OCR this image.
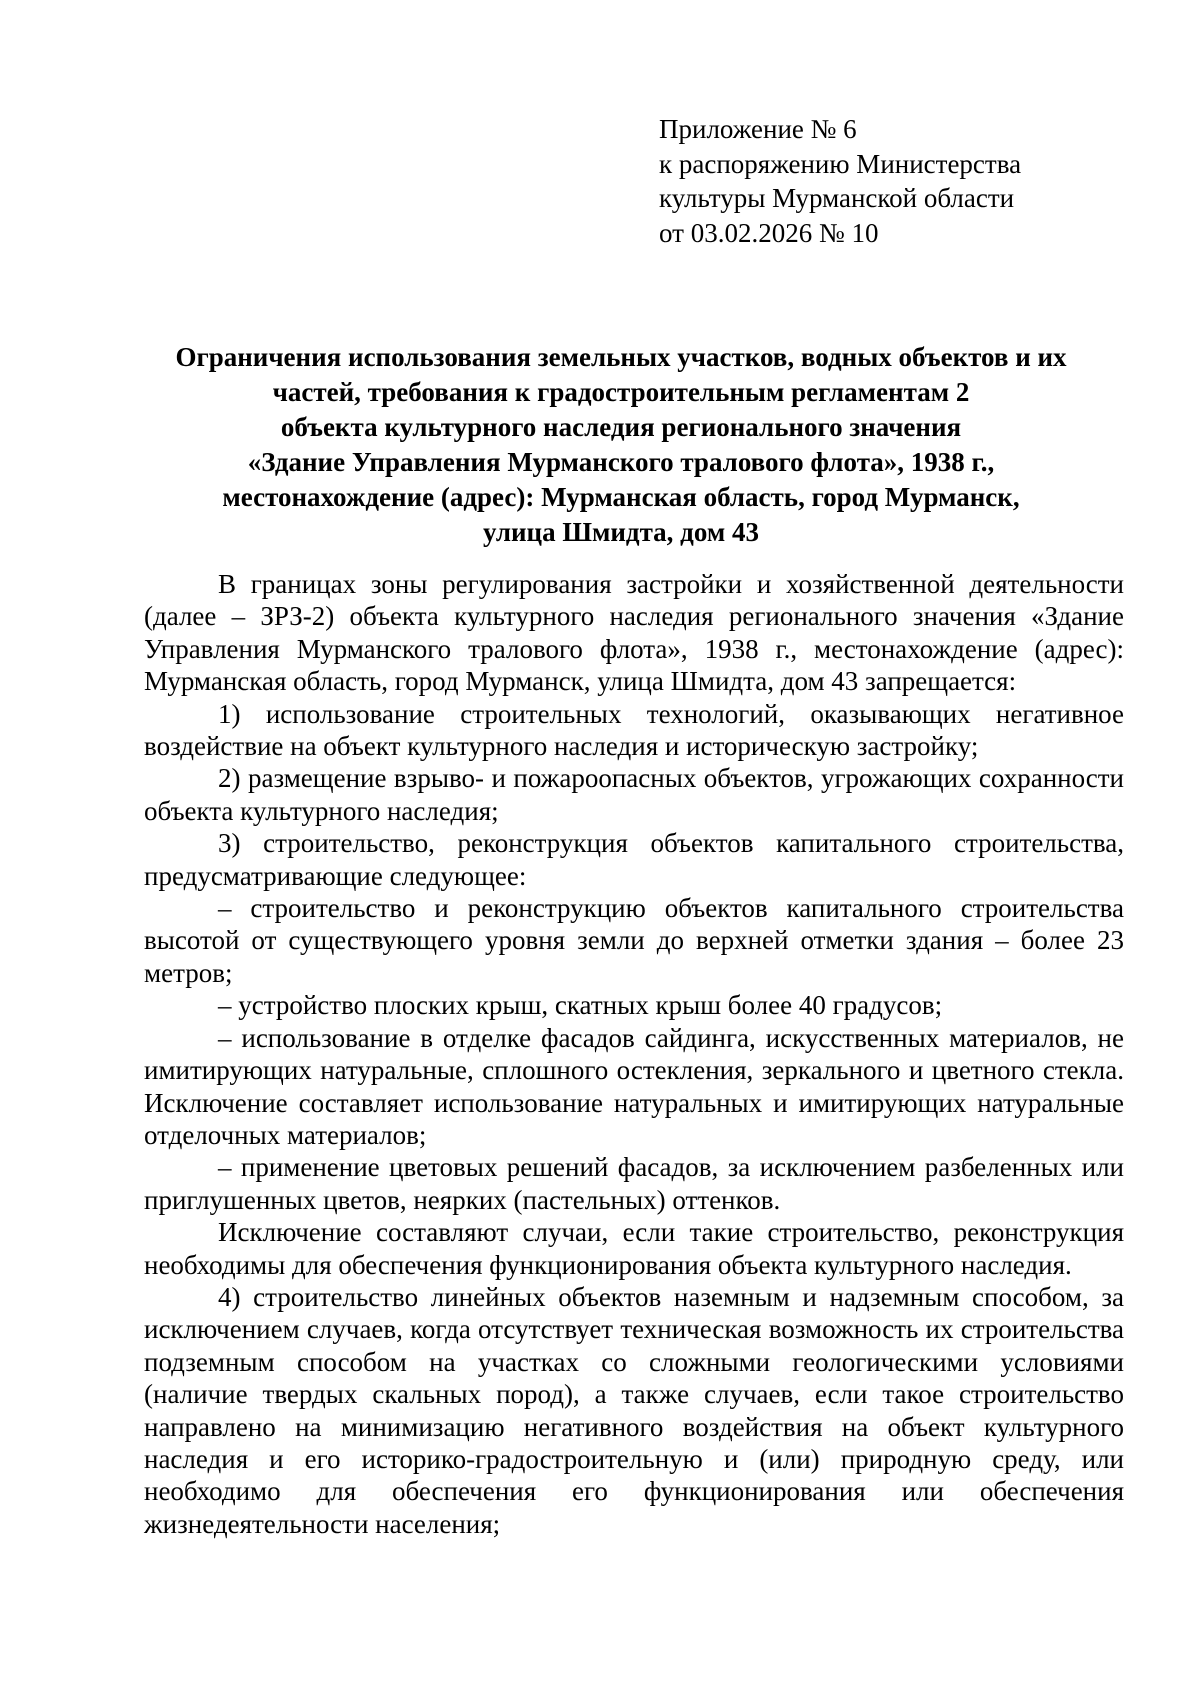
Приложение № 6
к распоряжению Министерства
культуры Мурманской области
от 03.02.2026 № 10
Ограничения использования земельных участков, водных объектов и их
частей, требования к градостроительным регламентам 2
объекта культурного наследия регионального значения
«Здание Управления Мурманского тралового флота», 1938 г.,
местонахождение (адрес): Мурманская область, город Мурманск,
улица Шмидта, дом 43

В границах зоны регулирования застройки и хозяйственной деятельности (далее – ЗРЗ-2) объекта культурного наследия регионального значения «Здание Управления Мурманского тралового флота», 1938 г., местонахождение (адрес): Мурманская область, город Мурманск, улица Шмидта, дом 43 запрещается:

1) использование строительных технологий, оказывающих негативное воздействие на объект культурного наследия и историческую застройку;

2) размещение взрыво- и пожароопасных объектов, угрожающих сохранности объекта культурного наследия;

3) строительство, реконструкция объектов капитального строительства, предусматривающие следующее:

– строительство и реконструкцию объектов капитального строительства высотой от существующего уровня земли до верхней отметки здания – более 23 метров;

– устройство плоских крыш, скатных крыш более 40 градусов;

– использование в отделке фасадов сайдинга, искусственных материалов, не имитирующих натуральные, сплошного остекления, зеркального и цветного стекла. Исключение составляет использование натуральных и имитирующих натуральные отделочных материалов;

– применение цветовых решений фасадов, за исключением разбеленных или приглушенных цветов, неярких (пастельных) оттенков.

Исключение составляют случаи, если такие строительство, реконструкция необходимы для обеспечения функционирования объекта культурного наследия.

4) строительство линейных объектов наземным и надземным способом, за исключением случаев, когда отсутствует техническая возможность их строительства подземным способом на участках со сложными геологическими условиями (наличие твердых скальных пород), а также случаев, если такое строительство направлено на минимизацию негативного воздействия на объект культурного наследия и его историко-градостроительную и (или) природную среду, или необходимо для обеспечения его функционирования или обеспечения жизнедеятельности населения;
